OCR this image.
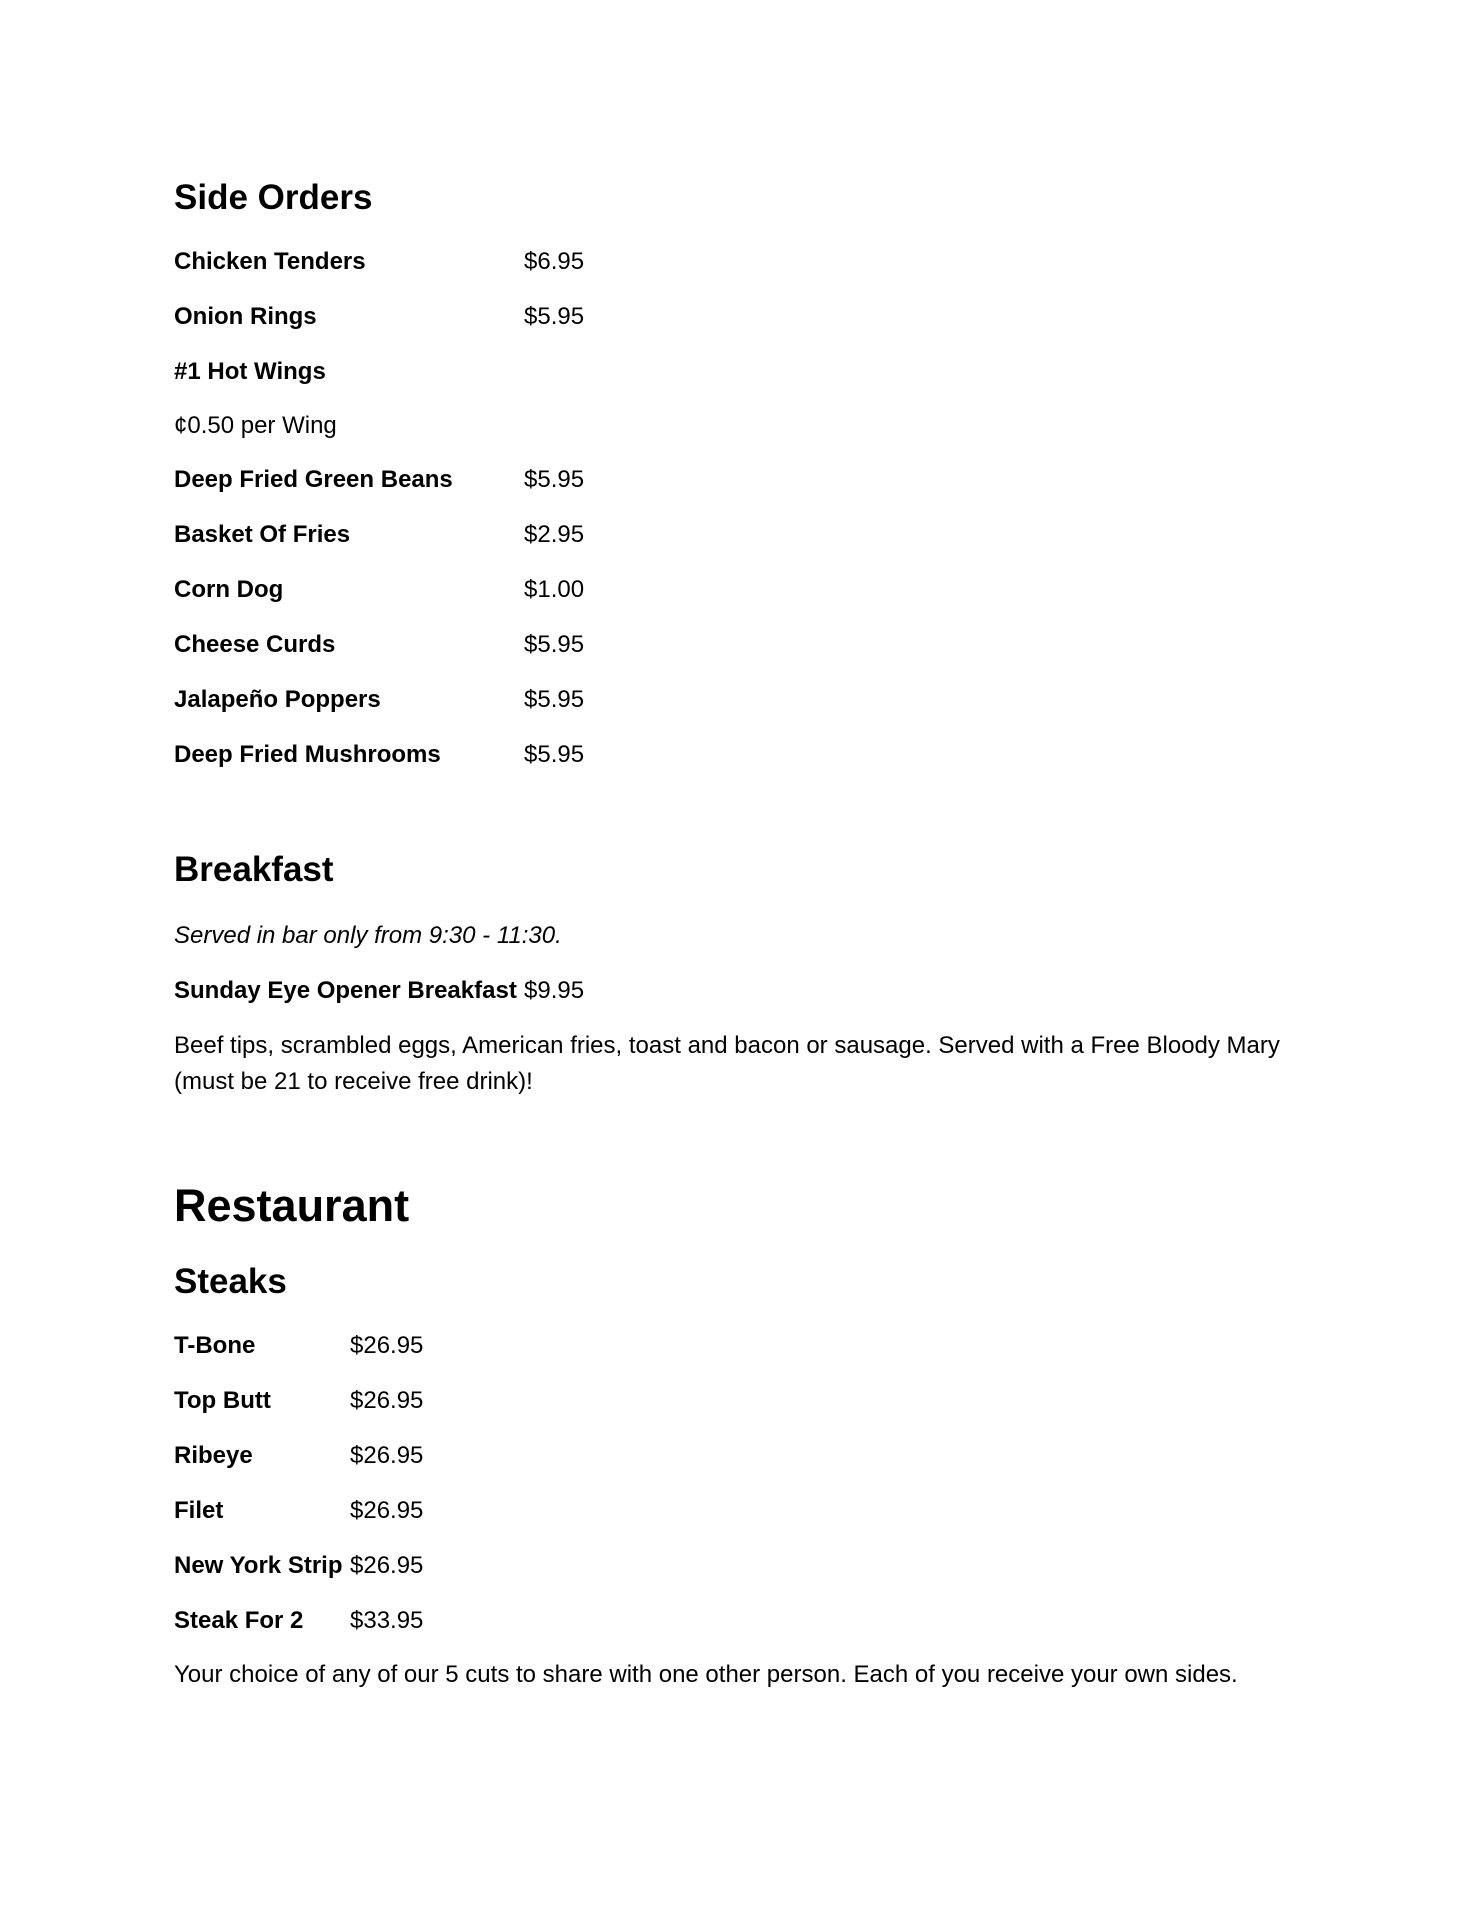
Side Orders
Chicken Tenders	$6.95
Onion Rings	$5.95
#1 Hot Wings
¢0.50 per Wing
Deep Fried Green Beans	$5.95
Basket Of Fries	$2.95
Corn Dog	$1.00
Cheese Curds	$5.95
Jalapeño Poppers	$5.95
Deep Fried Mushrooms	$5.95
Breakfast
Served in bar only from 9:30 - 11:30.
Sunday Eye Opener Breakfast $9.95
Beef tips, scrambled eggs, American fries, toast and bacon or sausage. Served with a Free Bloody Mary (must be 21 to receive free drink)!
Restaurant
Steaks
T-Bone	$26.95
Top Butt	$26.95
Ribeye	$26.95
Filet	$26.95
New York Strip $26.95
Steak For 2 $33.95
Your choice of any of our 5 cuts to share with one other person. Each of you receive your own sides.
